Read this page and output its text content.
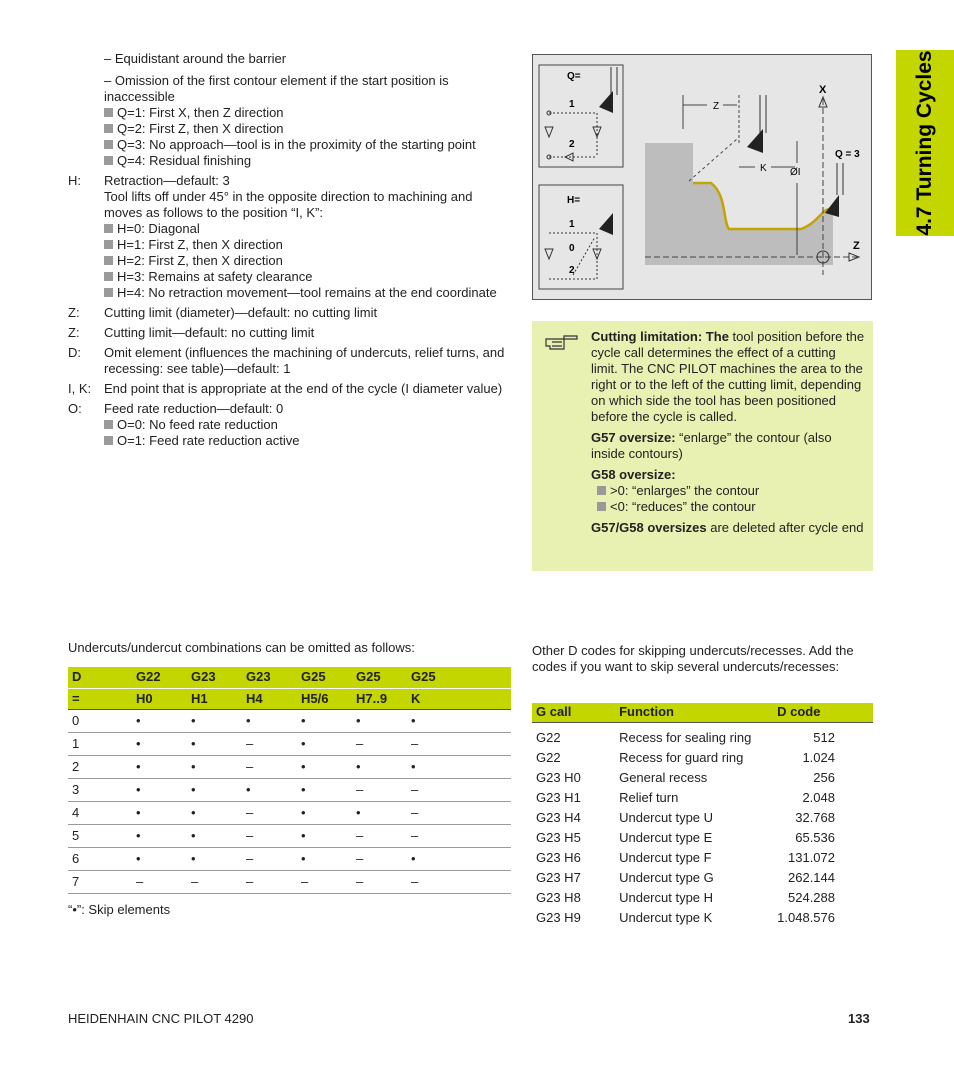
4.7 Turning Cycles
– Equidistant around the barrier
– Omission of the first contour element if the start position is inaccessible
Q=1: First X, then Z direction
Q=2: First Z, then X direction
Q=3: No approach—tool is in the proximity of the starting point
Q=4: Residual finishing
H: Retraction—default: 3
Tool lifts off under 45° in the opposite direction to machining and moves as follows to the position “I, K”:
H=0: Diagonal
H=1: First Z, then X direction
H=2: First Z, then X direction
H=3: Remains at safety clearance
H=4: No retraction movement—tool remains at the end coordinate
Z: Cutting limit (diameter)—default: no cutting limit
Z: Cutting limit—default: no cutting limit
D: Omit element (influences the machining of undercuts, relief turns, and recessing: see table)—default: 1
I, K: End point that is appropriate at the end of the cycle (I diameter value)
O: Feed rate reduction—default: 0
O=0: No feed rate reduction
O=1: Feed rate reduction active
Q=
1
2
H=
1
0
2
Z
K ØI
X
Z
Q = 3

Cutting limitation: The tool position before the cycle call determines the effect of a cutting limit. The CNC PILOT machines the area to the right or to the left of the cutting limit, depending on which side the tool has been positioned before the cycle is called.

G57 oversize: “enlarge” the contour (also inside contours)

G58 oversize:

>0: “enlarges” the contour
<0: “reduces” the contour

G57/G58 oversizes are deleted after cycle end

Undercuts/undercut combinations can be omitted as follows:
D	G22	G23	G23	G25	G25	G25
=	H0	H1	H4	H5/6	H7..9	K
0	•	•	•	•	•	•
1	•	•	–	•	–	–
2	•	•	–	•	•	•
3	•	•	•	•	–	–
4	•	•	–	•	•	–
5	•	•	–	•	–	–
6	•	•	–	•	–	•
7	–	–	–	–	–	–
“•”: Skip elements
Other D codes for skipping undercuts/recesses. Add the codes if you want to skip several undercuts/recesses:
G call	Function	D code
G22	Recess for sealing ring	512
G22	Recess for guard ring	1.024
G23 H0	General recess	256
G23 H1	Relief turn	2.048
G23 H4	Undercut type U	32.768
G23 H5	Undercut type E	65.536
G23 H6	Undercut type F	131.072
G23 H7	Undercut type G	262.144
G23 H8	Undercut type H	524.288
G23 H9	Undercut type K	1.048.576
HEIDENHAIN CNC PILOT 4290	133
